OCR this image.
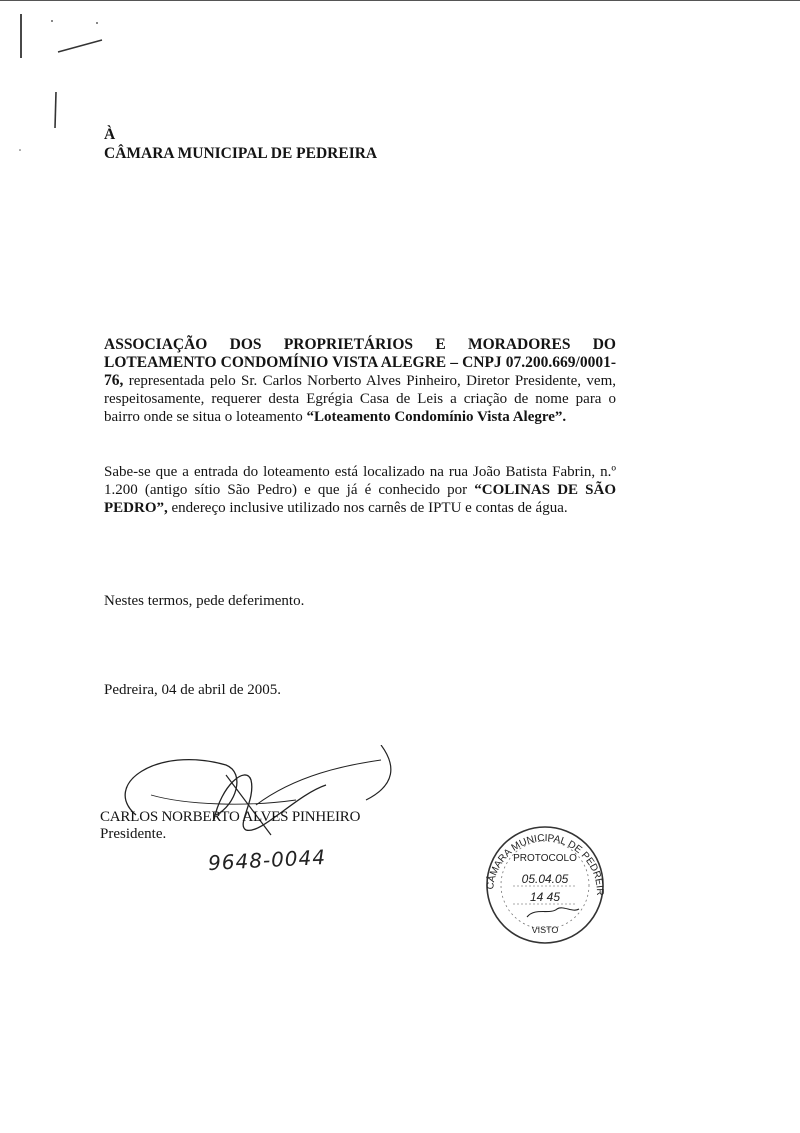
À
CÂMARA MUNICIPAL DE PEDREIRA
ASSOCIAÇÃO DOS PROPRIETÁRIOS E MORADORES DO LOTEAMENTO CONDOMÍNIO VISTA ALEGRE – CNPJ 07.200.669/0001-76, representada pelo Sr. Carlos Norberto Alves Pinheiro, Diretor Presidente, vem, respeitosamente, requerer desta Egrégia Casa de Leis a criação de nome para o bairro onde se situa o loteamento “Loteamento Condomínio Vista Alegre”.
Sabe-se que a entrada do loteamento está localizado na rua João Batista Fabrin, n.º 1.200 (antigo sítio São Pedro) e que já é conhecido por “COLINAS DE SÃO PEDRO”, endereço inclusive utilizado nos carnês de IPTU e contas de água.
Nestes termos, pede deferimento.
Pedreira, 04 de abril de 2005.
CARLOS NORBERTO ALVES PINHEIRO
Presidente.
9648-0044
CÂMARA MUNICIPAL DE PEDREIR
PROTOCOLO
05.04.05
14 45
VISTO
